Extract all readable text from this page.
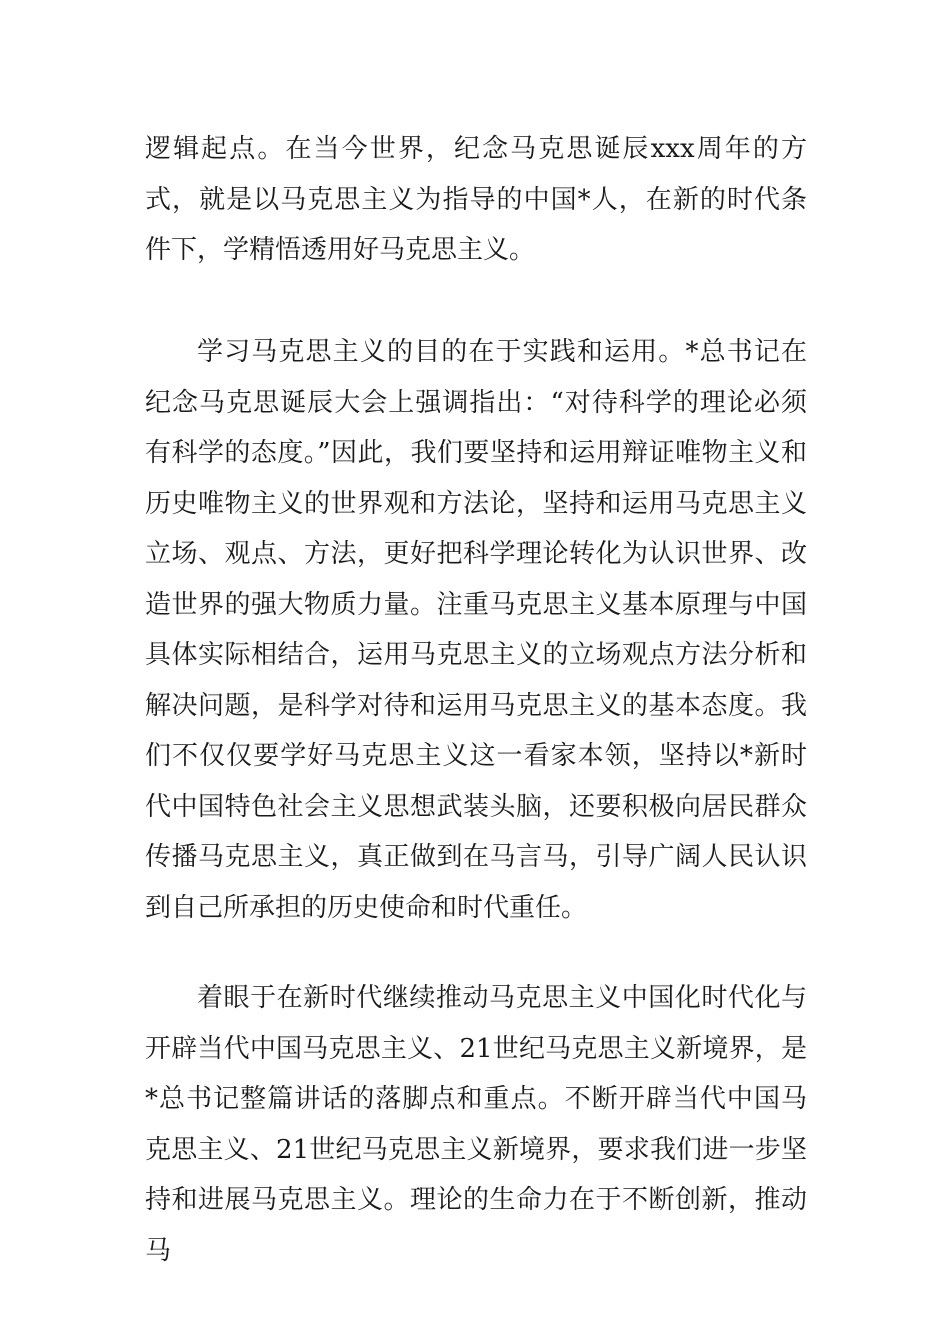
逻辑起点。在当今世界，纪念马克思诞辰xxx周年的方式，就是以马克思主义为指导的中国*人，在新的时代条件下，学精悟透用好马克思主义。

学习马克思主义的目的在于实践和运用。*总书记在纪念马克思诞辰大会上强调指出：“对待科学的理论必须有科学的态度。”因此，我们要坚持和运用辩证唯物主义和历史唯物主义的世界观和方法论，坚持和运用马克思主义立场、观点、方法，更好把科学理论转化为认识世界、改造世界的强大物质力量。注重马克思主义基本原理与中国具体实际相结合，运用马克思主义的立场观点方法分析和解决问题，是科学对待和运用马克思主义的基本态度。我们不仅仅要学好马克思主义这一看家本领，坚持以*新时代中国特色社会主义思想武装头脑，还要积极向居民群众传播马克思主义，真正做到在马言马，引导广阔人民认识到自己所承担的历史使命和时代重任。

着眼于在新时代继续推动马克思主义中国化时代化与开辟当代中国马克思主义、21世纪马克思主义新境界，是*总书记整篇讲话的落脚点和重点。不断开辟当代中国马克思主义、21世纪马克思主义新境界，要求我们进一步坚持和进展马克思主义。理论的生命力在于不断创新，推动马
